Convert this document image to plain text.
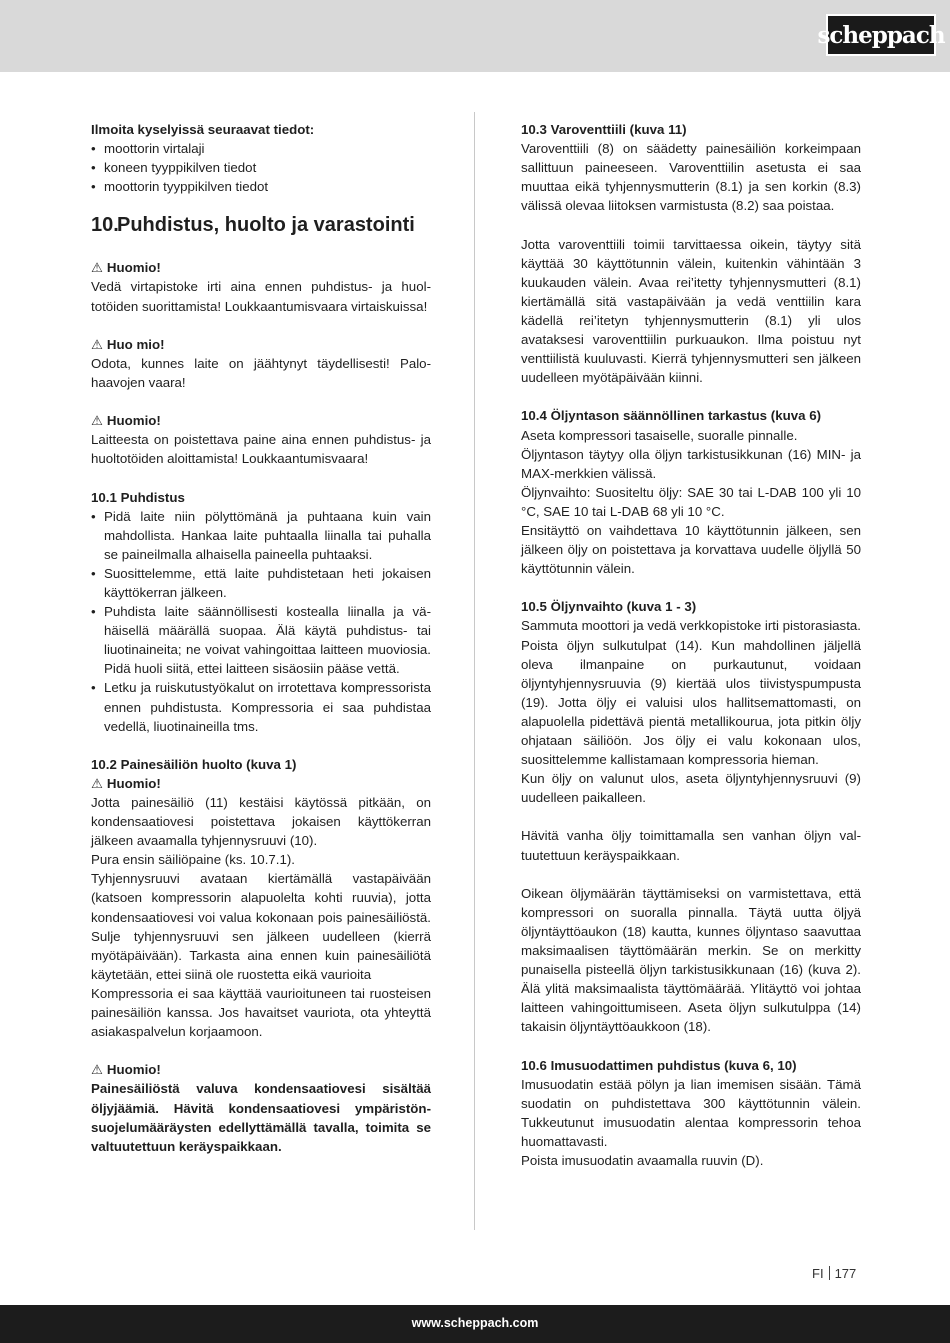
scheppach

Ilmoita kyselyissä seuraavat tiedot:

• moottorin virtalaji
• koneen tyyppikilven tiedot
• moottorin tyyppikilven tiedot
10.Puhdistus, huolto ja varastointi

⚠ Huomio!

Vedä virtapistoke irti aina ennen puhdistus- ja huoltotöiden suorittamista! Loukkaantumisvaara virtaiskuissa!

⚠ Huo mio!

Odota, kunnes laite on jäähtynyt täydellisesti! Palohaavojen vaara!

⚠ Huomio!

Laitteesta on poistettava paine aina ennen puhdistus- ja huoltotöiden aloittamista! Loukkaantumisvaara!

10.1 Puhdistus

• Pidä laite niin pölyttömänä ja puhtaana kuin vain mahdollista. Hankaa laite puhtaalla liinalla tai puhalla se paineilmalla alhaisella paineella puhtaaksi.
• Suosittelemme, että laite puhdistetaan heti jokaisen käyttökerran jälkeen.
• Puhdista laite säännöllisesti kostealla liinalla ja vähäisellä määrällä suopaa. Älä käytä puhdistus- tai liuotinaineita; ne voivat vahingoittaa laitteen muoviosia. Pidä huoli siitä, ettei laitteen sisäosiin pääse vettä.
• Letku ja ruiskutustyökalut on irrotettava kompressorista ennen puhdistusta. Kompressoria ei saa puhdistaa vedellä, liuotinaineilla tms.

10.2 Painesäiliön huolto (kuva 1)

⚠ Huomio!

Jotta painesäiliö (11) kestäisi käytössä pitkään, on kondensaatiovesi poistettava jokaisen käyttökerran jälkeen avaamalla tyhjennysruuvi (10).

Pura ensin säiliöpaine (ks. 10.7.1).

Tyhjennysruuvi avataan kiertämällä vastapäivään (katsoen kompressorin alapuolelta kohti ruuvia), jotta kondensaatiovesi voi valua kokonaan pois painesäiliöstä. Sulje tyhjennysruuvi sen jälkeen uudelleen (kierrä myötäpäivään). Tarkasta aina ennen kuin painesäiliötä käytetään, ettei siinä ole ruostetta eikä vaurioita

Kompressoria ei saa käyttää vaurioituneen tai ruosteisen painesäiliön kanssa. Jos havaitset vauriota, ota yhteyttä asiakaspalvelun korjaamoon.

⚠ Huomio!

Painesäiliöstä valuva kondensaatiovesi sisältää öljyjäämiä. Hävitä kondensaatiovesi ympäristönsuojelumääräysten edellyttämällä tavalla, toimita se valtuutettuun keräyspaikkaan.

10.3 Varoventtiili (kuva 11)

Varoventtiili (8) on säädetty painesäiliön korkeimpaan sallittuun paineeseen. Varoventtiilin asetusta ei saa muuttaa eikä tyhjennysmutterin (8.1) ja sen korkin (8.3) välissä olevaa liitoksen varmistusta (8.2) saa poistaa.

Jotta varoventtiili toimii tarvittaessa oikein, täytyy sitä käyttää 30 käyttötunnin välein, kuitenkin vähintään 3 kuukauden välein. Avaa rei’itetty tyhjennysmutteri (8.1) kiertämällä sitä vastapäivään ja vedä venttiilin kara kädellä rei’itetyn tyhjennysmutterin (8.1) yli ulos avataksesi varoventtiilin purkuaukon. Ilma poistuu nyt venttiilistä kuuluvasti. Kierrä tyhjennysmutteri sen jälkeen uudelleen myötäpäivään kiinni.

10.4 Öljyntason säännöllinen tarkastus (kuva 6)

Aseta kompressori tasaiselle, suoralle pinnalle.

Öljyntason täytyy olla öljyn tarkistusikkunan (16) MIN- ja MAX-merkkien välissä.

Öljynvaihto: Suositeltu öljy: SAE 30 tai L-DAB 100 yli 10 °C, SAE 10 tai L-DAB 68 yli 10 °C.

Ensitäyttö on vaihdettava 10 käyttötunnin jälkeen, sen jälkeen öljy on poistettava ja korvattava uudelle öljyllä 50 käyttötunnin välein.

10.5 Öljynvaihto (kuva 1 - 3)

Sammuta moottori ja vedä verkkopistoke irti pistorasiasta. Poista öljyn sulkutulpat (14). Kun mahdollinen jäljellä oleva ilmanpaine on purkautunut, voidaan öljyntyhjennysruuvia (9) kiertää ulos tiivistyspumpusta (19). Jotta öljy ei valuisi ulos hallitsemattomasti, on alapuolella pidettävä pientä metallikourua, jota pitkin öljy ohjataan säiliöön. Jos öljy ei valu kokonaan ulos, suosittelemme kallistamaan kompressoria hieman.

Kun öljy on valunut ulos, aseta öljyntyhjennysruuvi (9) uudelleen paikalleen.

Hävitä vanha öljy toimittamalla sen vanhan öljyn valtuutettuun keräyspaikkaan.

Oikean öljymäärän täyttämiseksi on varmistettava, että kompressori on suoralla pinnalla. Täytä uutta öljyä öljyntäyttöaukon (18) kautta, kunnes öljyntaso saavuttaa maksimaalisen täyttömäärän merkin. Se on merkitty punaisella pisteellä öljyn tarkistusikkunaan (16) (kuva 2). Älä ylitä maksimaalista täyttömäärää. Ylitäyttö voi johtaa laitteen vahingoittumiseen. Aseta öljyn sulkutulppa (14) takaisin öljyntäyttöaukkoon (18).

10.6 Imusuodattimen puhdistus (kuva 6, 10)

Imusuodatin estää pölyn ja lian imemisen sisään. Tämä suodatin on puhdistettava 300 käyttötunnin välein. Tukkeutunut imusuodatin alentaa kompressorin tehoa huomattavasti.

Poista imusuodatin avaamalla ruuvin (D).

FI 177
www.scheppach.com
